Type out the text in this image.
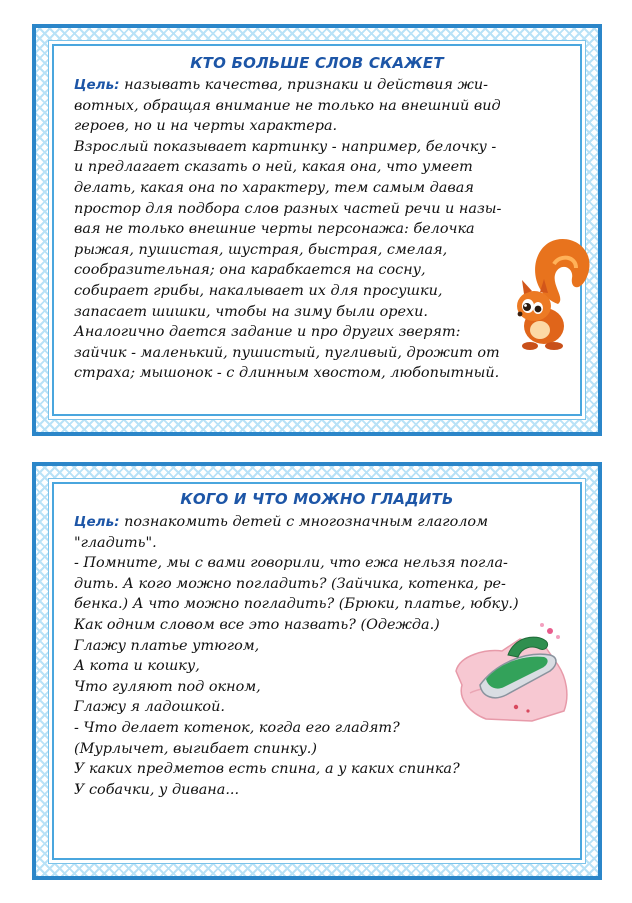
КТО БОЛЬШЕ СЛОВ СКАЖЕТ
Цель: называть качества, признаки и действия жи-
вотных, обращая внимание не только на внешний вид
героев, но и на черты характера.
Взрослый показывает картинку - например, белочку -
и предлагает сказать о ней, какая она, что умеет
делать, какая она по характеру, тем самым давая
простор для подбора слов разных частей речи и назы-
вая не только внешние черты персонажа: белочка
рыжая, пушистая, шустрая, быстрая, смелая,
сообразительная; она карабкается на сосну,
собирает грибы, накалывает их для просушки,
запасает шишки, чтобы на зиму были орехи.
Аналогично дается задание и про других зверят:
зайчик - маленький, пушистый, пугливый, дрожит от
страха; мышонок - с длинным хвостом, любопытный.
КОГО И ЧТО МОЖНО ГЛАДИТЬ
Цель: познакомить детей с многозначным глаголом
"гладить".
- Помните, мы с вами говорили, что ежа нельзя погла-
дить. А кого можно погладить? (Зайчика, котенка, ре-
бенка.) А что можно погладить? (Брюки, платье, юбку.)
Как одним словом все это назвать? (Одежда.)
Глажу платье утюгом,
А кота и кошку,
Что гуляют под окном,
Глажу я ладошкой.
- Что делает котенок, когда его гладят?
(Мурлычет, выгибает спинку.)
У каких предметов есть спина, а у каких спинка?
У собачки, у дивана...
